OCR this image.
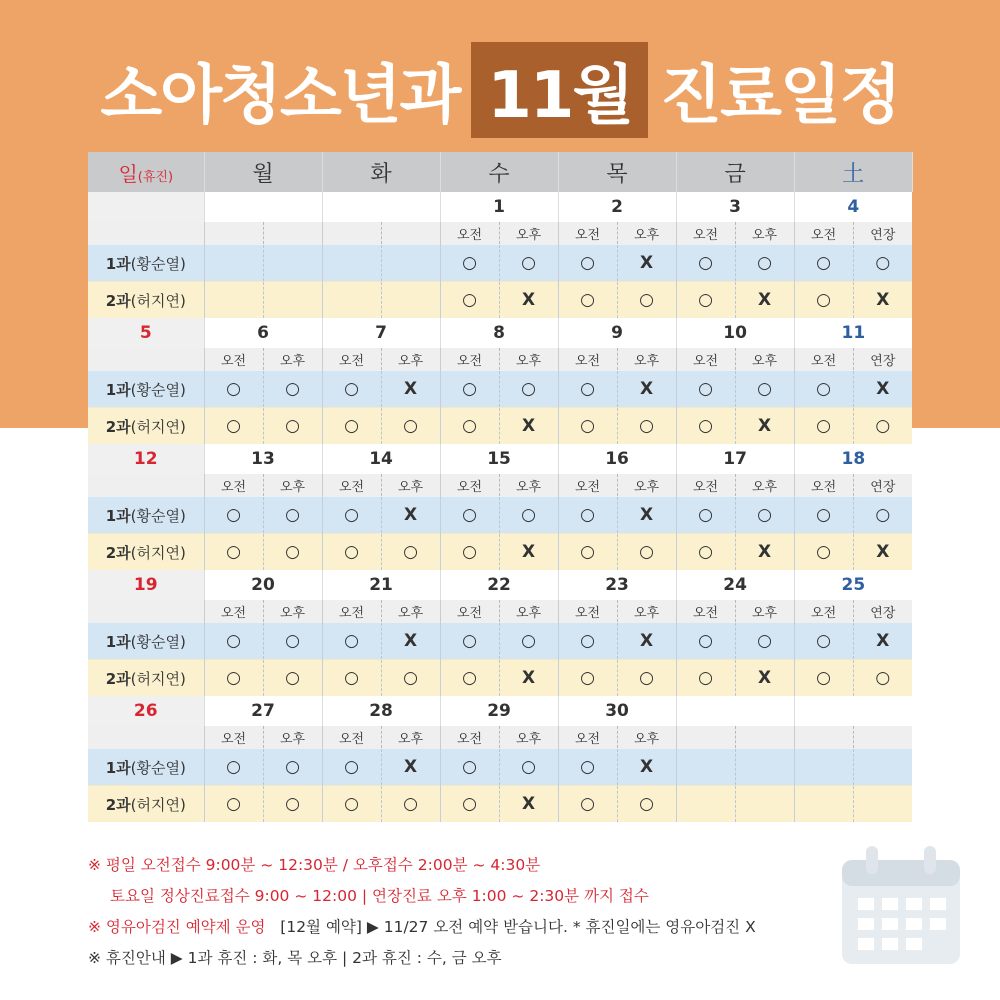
소아청소년과 11월 진료일정
일(휴진)	월		화		수		목		금		土	
					1		2		3		4	
					오전	오후	오전	오후	오전	오후	오전	연장
1과(황순열)					○	○	○	X	○	○	○	○
2과(허지연)					○	X	○	○	○	X	○	X
5	6		7		8		9		10		11	
	오전	오후	오전	오후	오전	오후	오전	오후	오전	오후	오전	연장
1과(황순열)	○	○	○	X	○	○	○	X	○	○	○	X
2과(허지연)	○	○	○	○	○	X	○	○	○	X	○	○
12	13		14		15		16		17		18	
	오전	오후	오전	오후	오전	오후	오전	오후	오전	오후	오전	연장
1과(황순열)	○	○	○	X	○	○	○	X	○	○	○	○
2과(허지연)	○	○	○	○	○	X	○	○	○	X	○	X
19	20		21		22		23		24		25	
	오전	오후	오전	오후	오전	오후	오전	오후	오전	오후	오전	연장
1과(황순열)	○	○	○	X	○	○	○	X	○	○	○	X
2과(허지연)	○	○	○	○	○	X	○	○	○	X	○	○
26	27		28		29		30					
	오전	오후	오전	오후	오전	오후	오전	오후				
1과(황순열)	○	○	○	X	○	○	○	X				
2과(허지연)	○	○	○	○	○	X	○	○				
※ 평일 오전접수 9:00분 ~ 12:30분 / 오후접수 2:00분 ~ 4:30분
토요일 정상진료접수 9:00 ~ 12:00 | 연장진료 오후 1:00 ~ 2:30분 까지 접수
※ 영유아검진 예약제 운영   [12월 예약] ▶ 11/27 오전 예약 받습니다. * 휴진일에는 영유아검진 X
※ 휴진안내 ▶ 1과 휴진 : 화, 목 오후 | 2과 휴진 : 수, 금 오후
